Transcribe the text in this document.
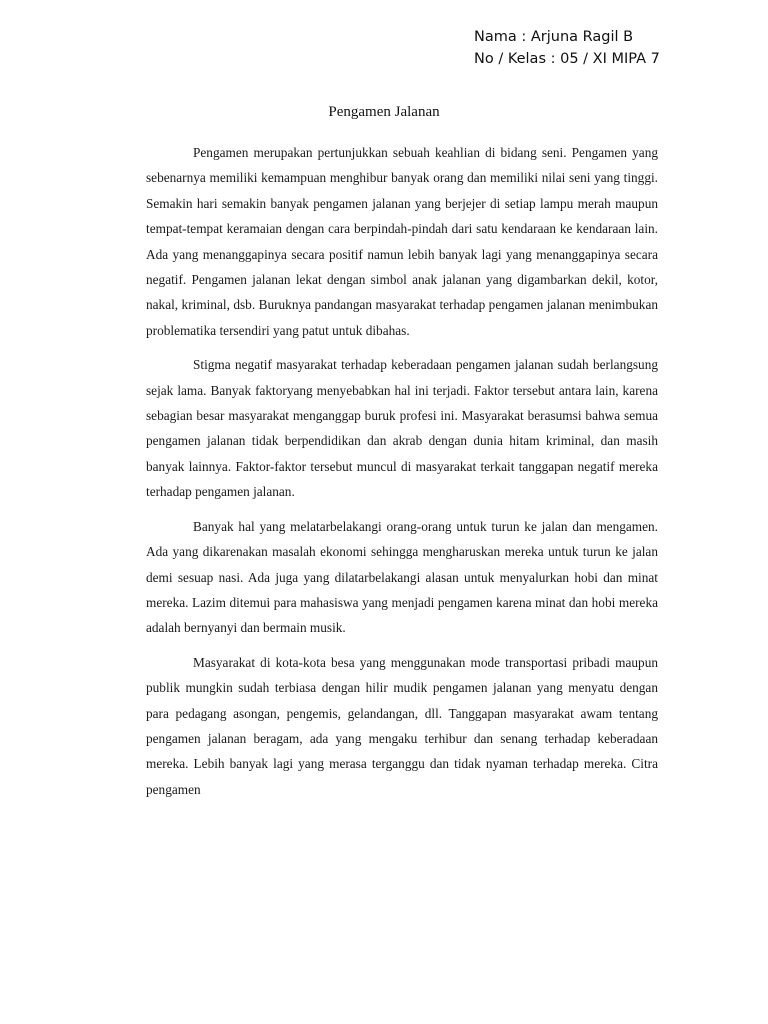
Nama : Arjuna Ragil B
No / Kelas : 05 / XI MIPA 7
Pengamen Jalanan

Pengamen merupakan pertunjukkan sebuah keahlian di bidang seni. Pengamen yang sebenarnya memiliki kemampuan menghibur banyak orang dan memiliki nilai seni yang tinggi. Semakin hari semakin banyak pengamen jalanan yang berjejer di setiap lampu merah maupun tempat-tempat keramaian dengan cara berpindah-pindah dari satu kendaraan ke kendaraan lain. Ada yang menanggapinya secara positif namun lebih banyak lagi yang menanggapinya secara negatif. Pengamen jalanan lekat dengan simbol anak jalanan yang digambarkan dekil, kotor, nakal, kriminal, dsb. Buruknya pandangan masyarakat terhadap pengamen jalanan menimbukan problematika tersendiri yang patut untuk dibahas.

Stigma negatif masyarakat terhadap keberadaan pengamen jalanan sudah berlangsung sejak lama. Banyak faktoryang menyebabkan hal ini terjadi. Faktor tersebut antara lain, karena sebagian besar masyarakat menganggap buruk profesi ini. Masyarakat berasumsi bahwa semua pengamen jalanan tidak berpendidikan dan akrab dengan dunia hitam kriminal, dan masih banyak lainnya. Faktor-faktor tersebut muncul di masyarakat terkait tanggapan negatif mereka terhadap pengamen jalanan.

Banyak hal yang melatarbelakangi orang-orang untuk turun ke jalan dan mengamen. Ada yang dikarenakan masalah ekonomi sehingga mengharuskan mereka untuk turun ke jalan demi sesuap nasi. Ada juga yang dilatarbelakangi alasan untuk menyalurkan hobi dan minat mereka. Lazim ditemui para mahasiswa yang menjadi pengamen karena minat dan hobi mereka adalah bernyanyi dan bermain musik.

Masyarakat di kota-kota besa yang menggunakan mode transportasi pribadi maupun publik mungkin sudah terbiasa dengan hilir mudik pengamen jalanan yang menyatu dengan para pedagang asongan, pengemis, gelandangan, dll. Tanggapan masyarakat awam tentang pengamen jalanan beragam, ada yang mengaku terhibur dan senang terhadap keberadaan mereka. Lebih banyak lagi yang merasa terganggu dan tidak nyaman terhadap mereka. Citra pengamen
